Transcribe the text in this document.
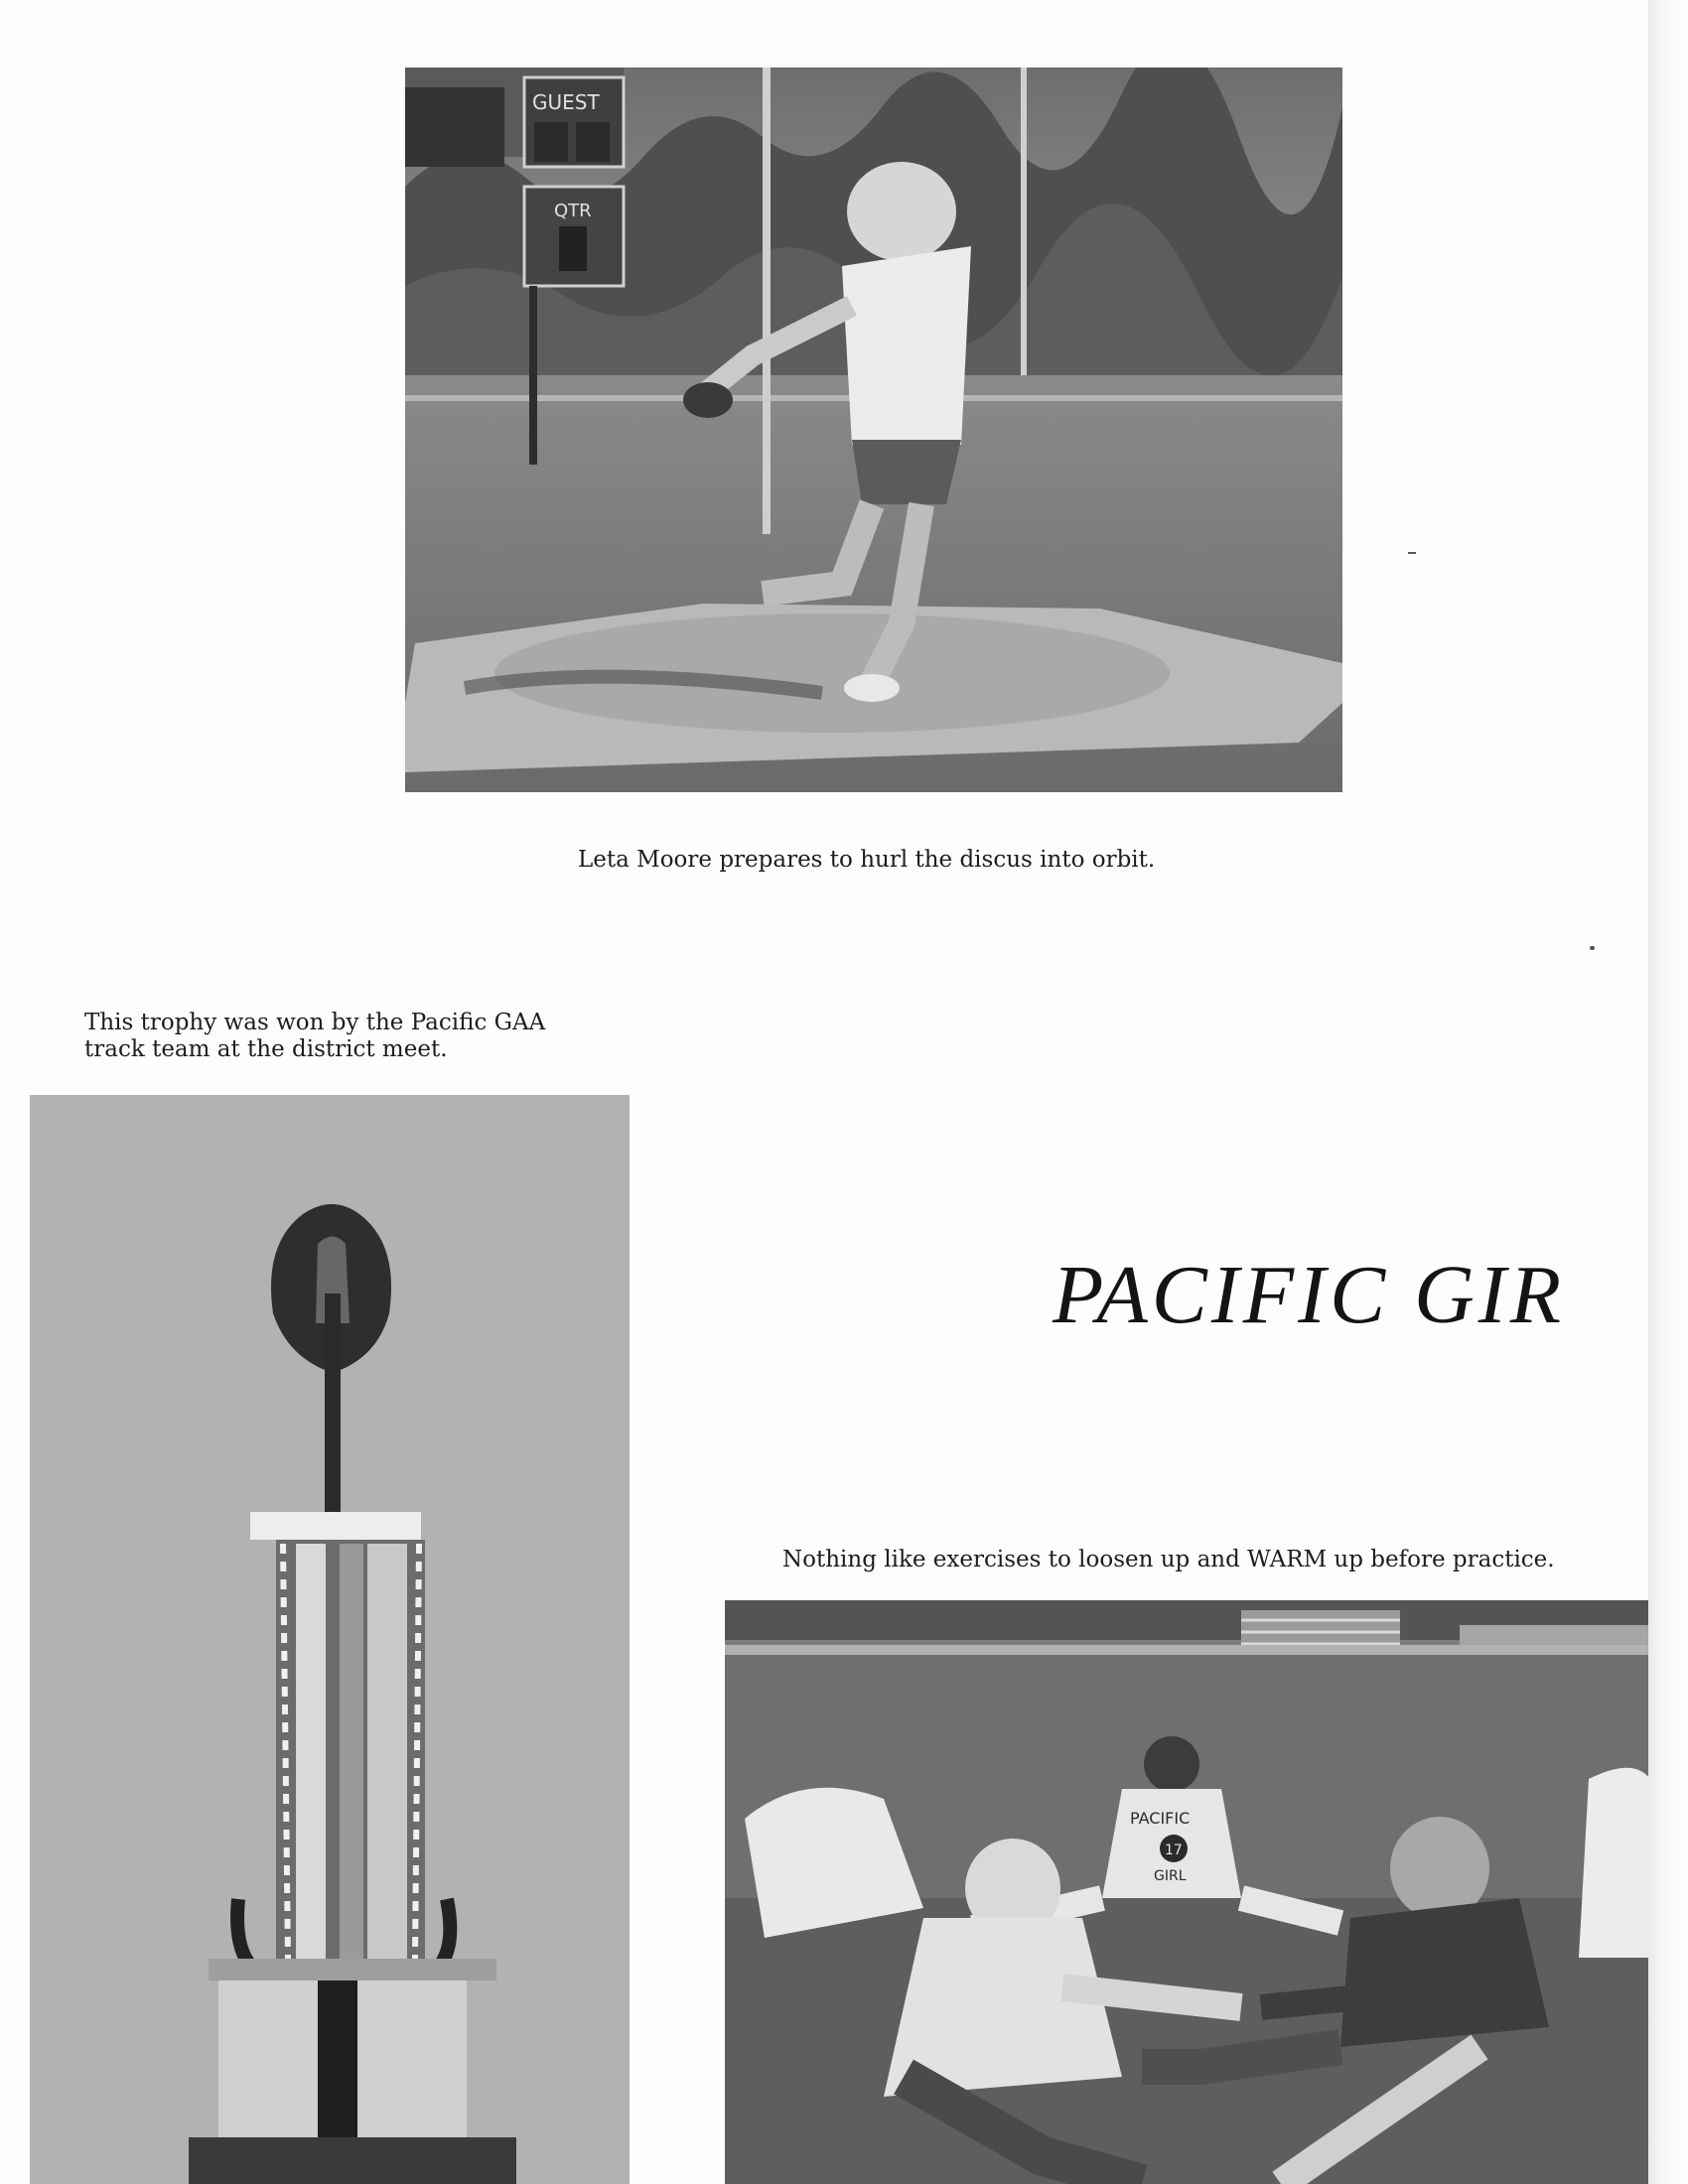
GUEST
QTR
Leta Moore prepares to hurl the discus into orbit.
This trophy was won by the Pacific GAA
track team at the district meet.
PACIFIC GIR
Nothing like exercises to loosen up and WARM up before practice.
PACIFIC
17
GIRL
